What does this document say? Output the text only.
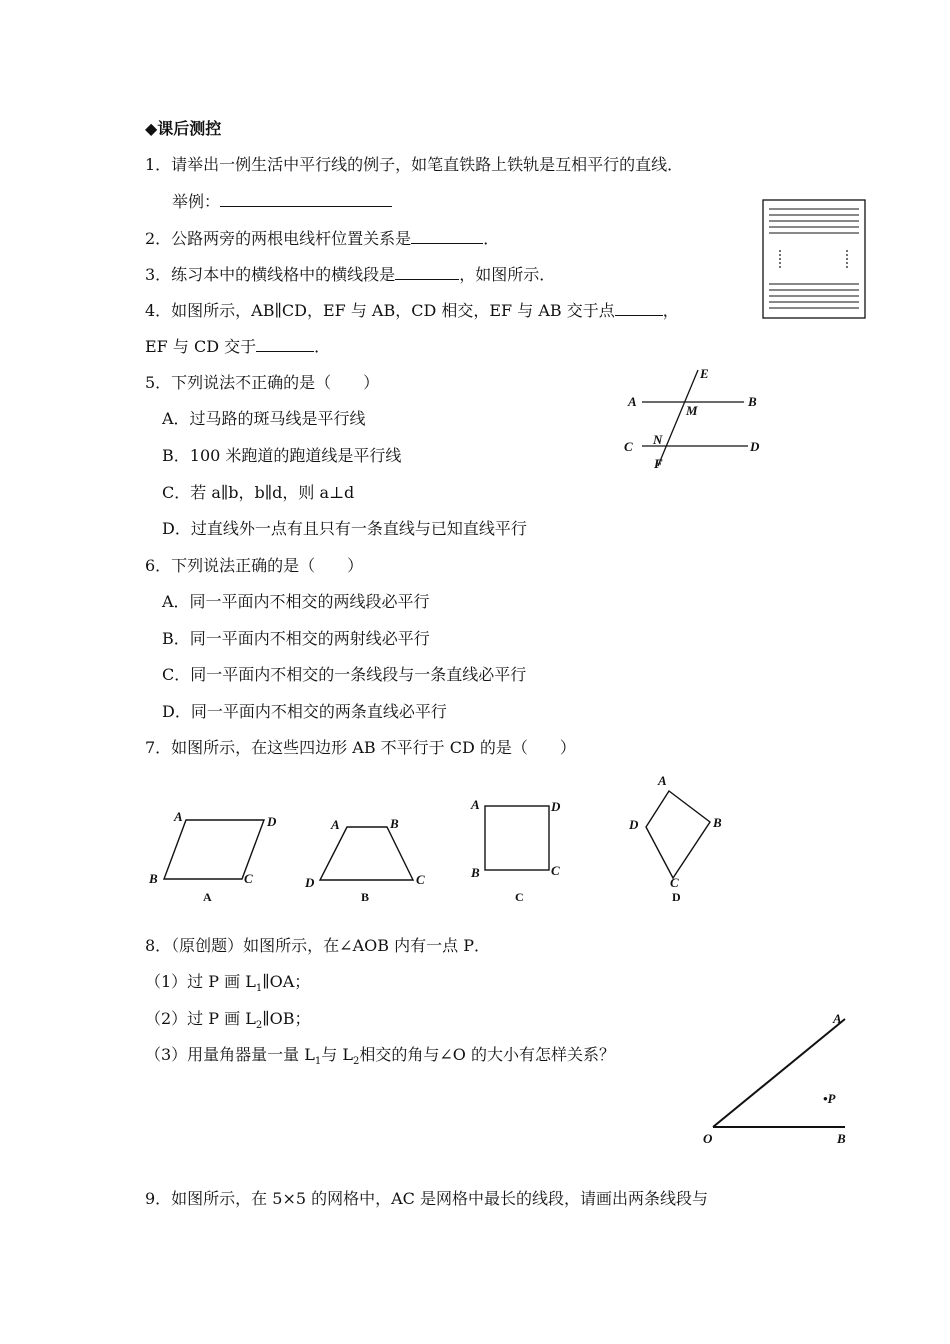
◆课后测控
1．请举出一例生活中平行线的例子，如笔直铁路上铁轨是互相平行的直线．
举例：
2．公路两旁的两根电线杆位置关系是	．
3．练习本中的横线格中的横线段是	，如图所示．
4．如图所示，AB∥CD，EF 与 AB，CD 相交，EF 与 AB 交于点	，
EF 与 CD 交于	．
5．下列说法不正确的是（　　）
A．过马路的斑马线是平行线
B．100 米跑道的跑道线是平行线
C．若 a∥b，b∥d，则 a⊥d
D．过直线外一点有且只有一条直线与已知直线平行
6．下列说法正确的是（　　）
A．同一平面内不相交的两线段必平行
B．同一平面内不相交的两射线必平行
C．同一平面内不相交的一条线段与一条直线必平行
D．同一平面内不相交的两条直线必平行
7．如图所示，在这些四边形 AB 不平行于 CD 的是（　　）
8．（原创题）如图所示，在∠AOB 内有一点 P．
（1）过 P 画 $L_1\parallel OA$；
（2）过 P 画 $L_2\parallel OB$；
（3）用量角器量一量 $L_1$与 $L_2$相交的角与∠O 的大小有怎样关系？
9．如图所示，在 5×5 的网格中，AC 是网格中最长的线段，请画出两条线段与
A	B
C	D
E
F
M
N
A	D
B	C
A
A	B
D	C
B
A	D
B	C
C
A
B
C
D
D
A
O	B
•P
